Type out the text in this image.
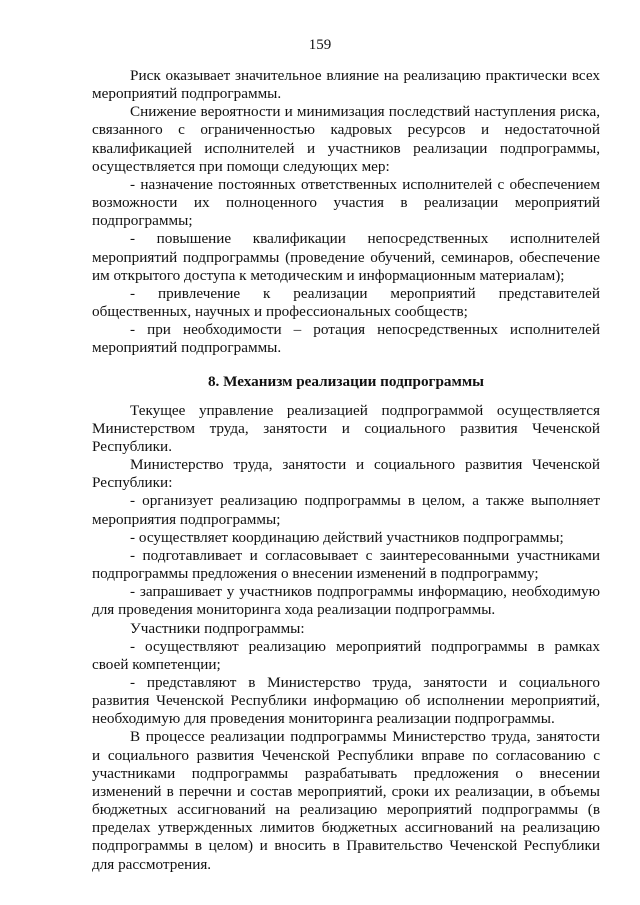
159

Риск оказывает значительное влияние на реализацию практически всех мероприятий подпрограммы.

Снижение вероятности и минимизация последствий наступления риска, связанного с ограниченностью кадровых ресурсов и недостаточной квалификацией исполнителей и участников реализации подпрограммы, осуществляется при помощи следующих мер:

- назначение постоянных ответственных исполнителей с обеспечением возможности их полноценного участия в реализации мероприятий подпрограммы;

- повышение квалификации непосредственных исполнителей мероприятий подпрограммы (проведение обучений, семинаров, обеспечение им открытого доступа к методическим и информационным материалам);

- привлечение к реализации мероприятий представителей общественных, научных и профессиональных сообществ;

- при необходимости – ротация непосредственных исполнителей мероприятий подпрограммы.

8. Механизм реализации подпрограммы

Текущее управление реализацией подпрограммой осуществляется Министерством труда, занятости и социального развития Чеченской Республики.

Министерство труда, занятости и социального развития Чеченской Республики:

- организует реализацию подпрограммы в целом, а также выполняет мероприятия подпрограммы;

- осуществляет координацию действий участников подпрограммы;

- подготавливает и согласовывает с заинтересованными участниками подпрограммы предложения о внесении изменений в подпрограмму;

- запрашивает у участников подпрограммы информацию, необходимую для проведения мониторинга хода реализации подпрограммы.

Участники подпрограммы:

- осуществляют реализацию мероприятий подпрограммы в рамках своей компетенции;

- представляют в Министерство труда, занятости и социального развития Чеченской Республики информацию об исполнении мероприятий, необходимую для проведения мониторинга реализации подпрограммы.

В процессе реализации подпрограммы Министерство труда, занятости и социального развития Чеченской Республики вправе по согласованию с участниками подпрограммы разрабатывать предложения о внесении изменений в перечни и состав мероприятий, сроки их реализации, в объемы бюджетных ассигнований на реализацию мероприятий подпрограммы (в пределах утвержденных лимитов бюджетных ассигнований на реализацию подпрограммы в целом) и вносить в Правительство Чеченской Республики для рассмотрения.
